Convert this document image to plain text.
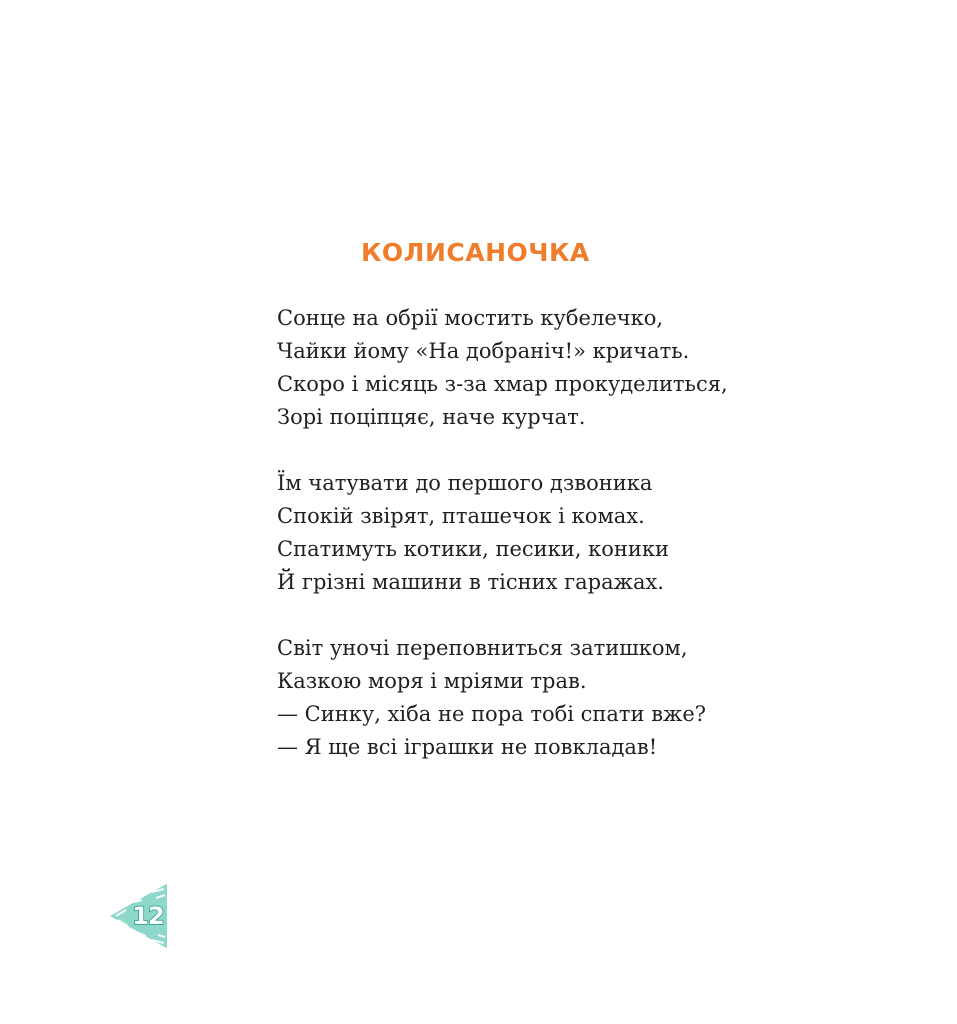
КОЛИСАНОЧКА
Сонце на обрії мостить кубелечко,
Чайки йому «На добраніч!» кричать.
Скоро і місяць з-за хмар прокуделиться,
Зорі поціпцяє, наче курчат.
Їм чатувати до першого дзвоника
Спокій звірят, пташечок і комах.
Спатимуть котики, песики, коники
Й грізні машини в тісних гаражах.
Світ уночі переповниться затишком,
Казкою моря і мріями трав.
— Синку, хіба не пора тобі спати вже?
— Я ще всі іграшки не повкладав!
12
